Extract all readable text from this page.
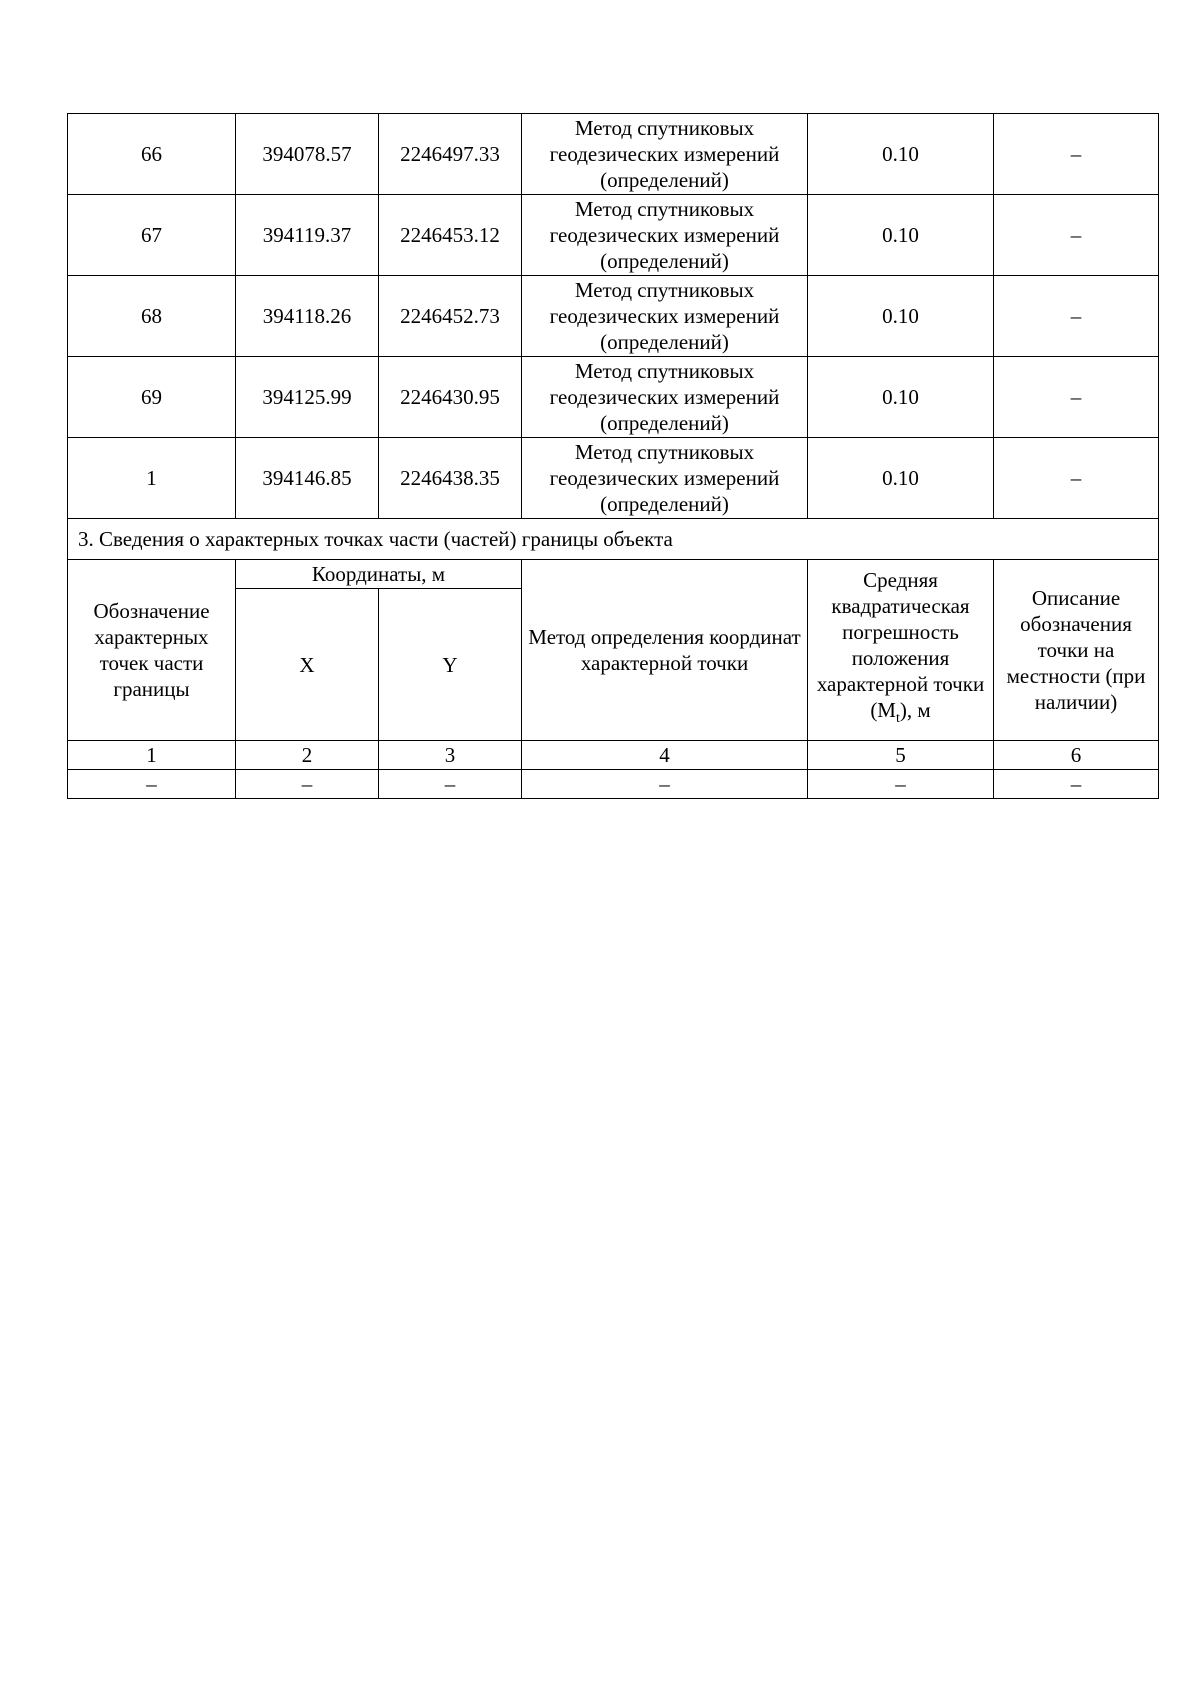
66	394078.57	2246497.33	Метод спутниковых геодезических измерений (определений)	0.10	–
67	394119.37	2246453.12	Метод спутниковых геодезических измерений (определений)	0.10	–
68	394118.26	2246452.73	Метод спутниковых геодезических измерений (определений)	0.10	–
69	394125.99	2246430.95	Метод спутниковых геодезических измерений (определений)	0.10	–
1	394146.85	2246438.35	Метод спутниковых геодезических измерений (определений)	0.10	–
3. Сведения о характерных точках части (частей) границы объекта					
Обозначение характерных точек части границы	Координаты, м		Метод определения координат характерной точки	Средняя квадратическая погрешность положения характерной точки $(M_t)$, м	Описание обозначения точки на местности (при наличии)
	X	Y			
1	2	3	4	5	6
–	–	–	–	–	–
